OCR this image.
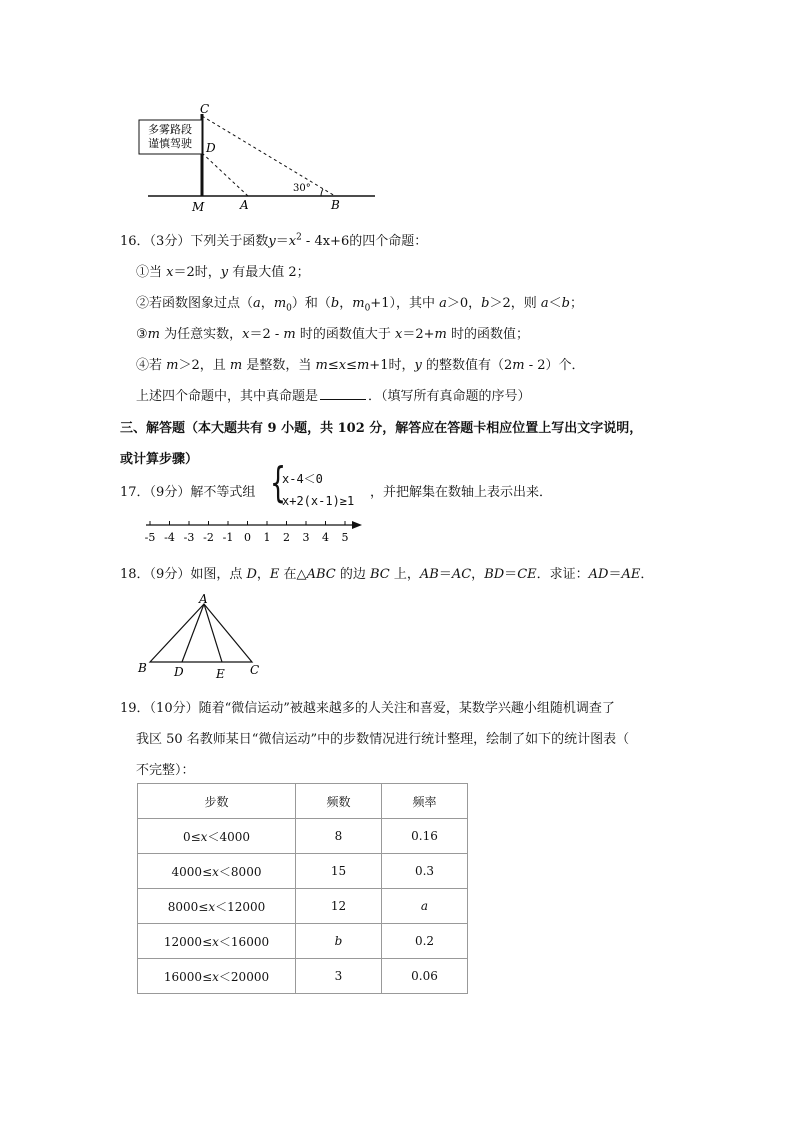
多雾路段
谨慎驾驶
30°
C
D
M	A	B
16．（3分）下列关于函数$y=x^2 - 4x+6$的四个命题：
①当 x＝2时，y 有最大值 2；
②若函数图象过点（a，$m_0$）和（b，$m_0+1$），其中 a＞0，b＞2，则 a＜b；
③m 为任意实数，x＝2 - m 时的函数值大于 x＝2+m 时的函数值；
④若 m＞2，且 m 是整数，当 m≤x≤m+1时，y 的整数值有（2m - 2）个．
上述四个命题中，其中真命题是	．（填写所有真命题的序号）
三、解答题（本大题共有 9 小题，共 102 分，解答应在答题卡相应位置上写出文字说明，
或计算步骤）
17．（9分）解不等式组 {
x-4＜0
x+2(x-1)≥1
，并把解集在数轴上表示出来．
-5 -4 -3 -2 -1 0 1 2 3 4 5
18．（9分）如图，点 D，E 在△ABC 的边 BC 上，AB＝AC，BD＝CE．求证：AD＝AE．
A
B D	E C
19．（10分）随着“微信运动”被越来越多的人关注和喜爱，某数学兴趣小组随机调查了
我区 50 名教师某日“微信运动”中的步数情况进行统计整理，绘制了如下的统计图表（
不完整）：
步数	频数	频率
0≤x＜4000	8	0.16
4000≤x＜8000	15	0.3
8000≤x＜12000	12	a
12000≤x＜16000	b	0.2
16000≤x＜20000	3	0.06
